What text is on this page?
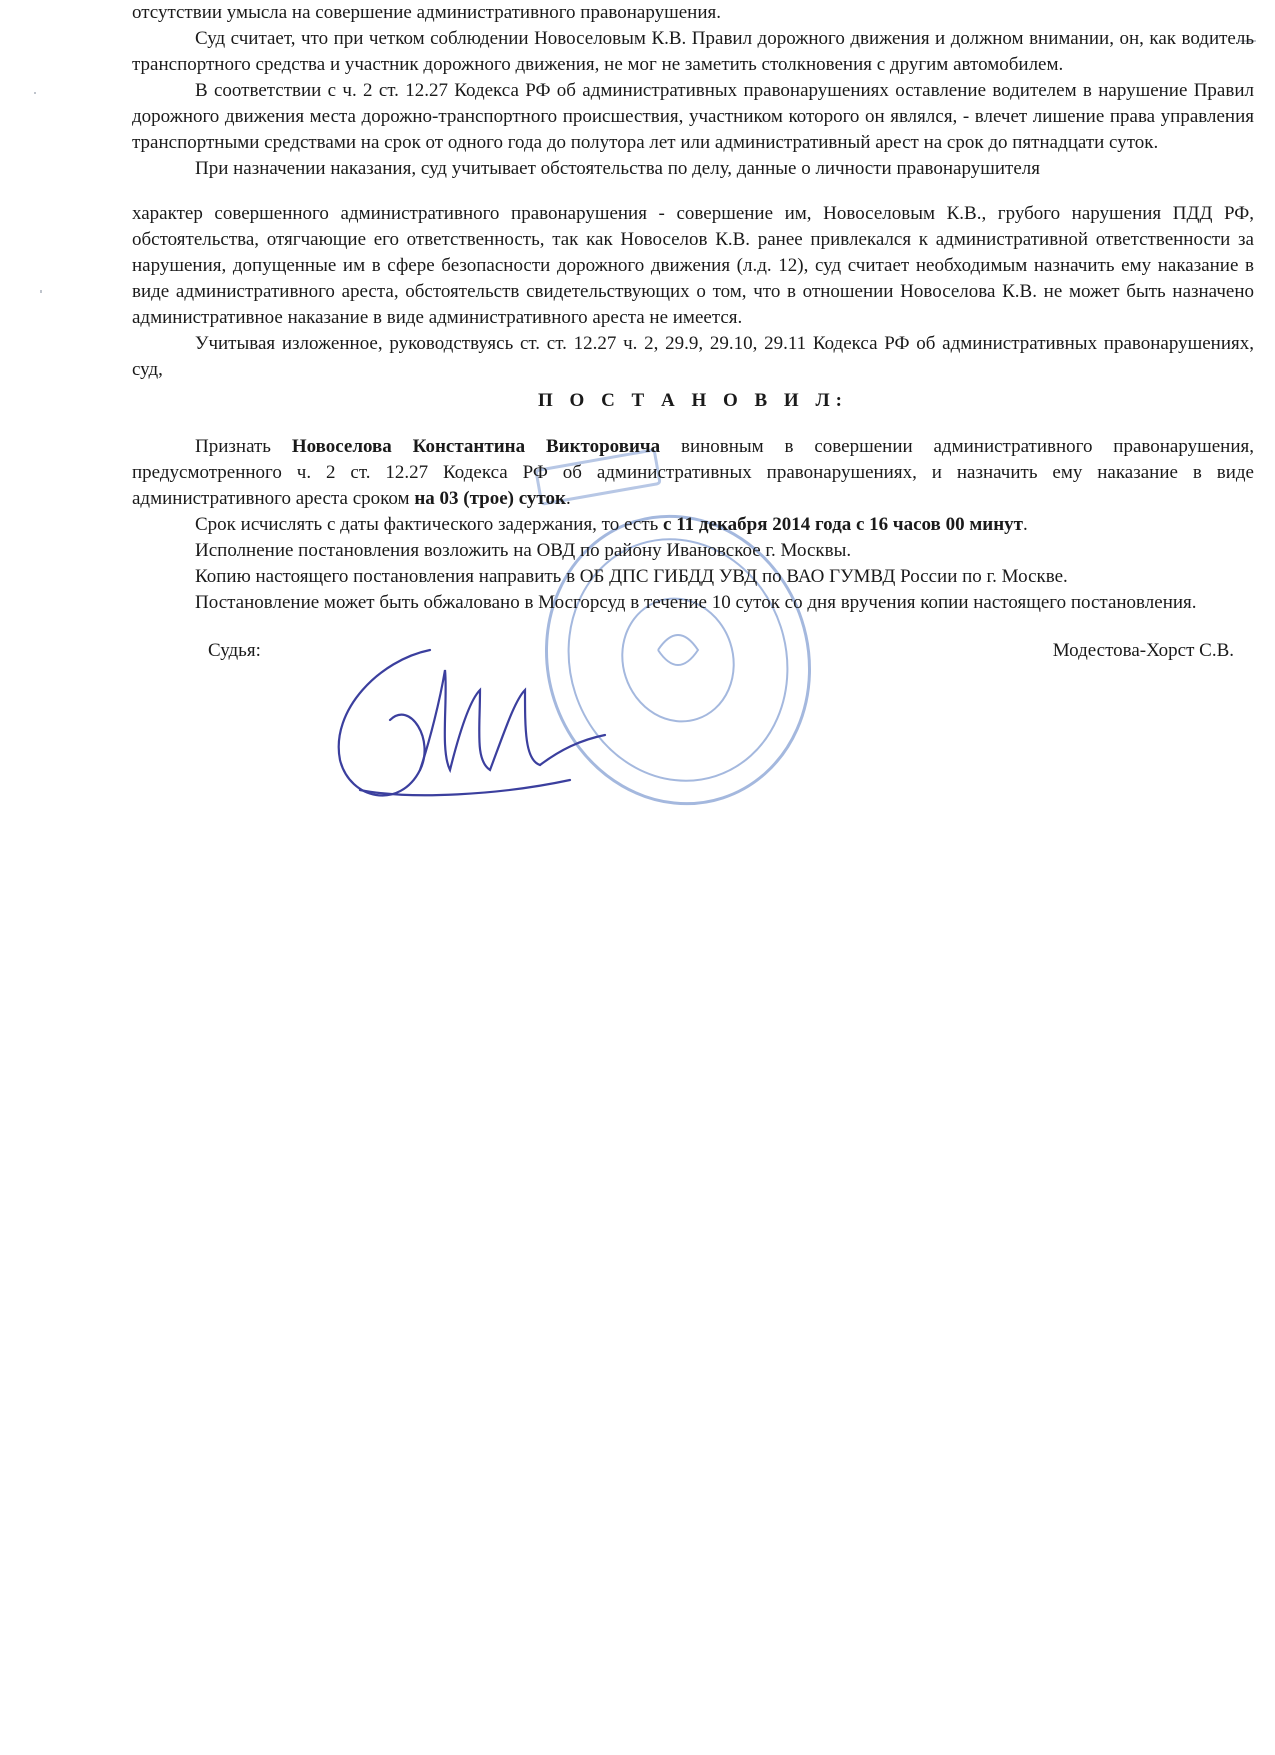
отсутствии умысла на совершение административного правонарушения.

Суд считает, что при четком соблюдении Новоселовым К.В. Правил дорожного движения и должном внимании, он, как водитель транспортного средства и участник дорожного движения, не мог не заметить столкновения с другим автомобилем.

В соответствии с ч. 2 ст. 12.27 Кодекса РФ об административных правонарушениях оставление водителем в нарушение Правил дорожного движения места дорожно-транспортного происшествия, участником которого он являлся, - влечет лишение права управления транспортными средствами на срок от одного года до полутора лет или административный арест на срок до пятнадцати суток.

При назначении наказания, суд учитывает обстоятельства по делу, данные о личности правонарушителя

характер совершенного административного правонарушения - совершение им, Новоселовым К.В., грубого нарушения ПДД РФ, обстоятельства, отягчающие его ответственность, так как Новоселов К.В. ранее привлекался к административной ответственности за нарушения, допущенные им в сфере безопасности дорожного движения (л.д. 12), суд считает необходимым назначить ему наказание в виде административного ареста, обстоятельств свидетельствующих о том, что в отношении Новоселова К.В. не может быть назначено административное наказание в виде административного ареста не имеется.

Учитывая изложенное, руководствуясь ст. ст. 12.27 ч. 2, 29.9, 29.10, 29.11 Кодекса РФ об административных правонарушениях, суд,

П О С Т А Н О В И Л:

Признать Новоселова Константина Викторовича виновным в совершении административного правонарушения, предусмотренного ч. 2 ст. 12.27 Кодекса РФ об административных правонарушениях, и назначить ему наказание в виде административного ареста сроком на 03 (трое) суток.

Срок исчислять с даты фактического задержания, то есть с 11 декабря 2014 года с 16 часов 00 минут.

Исполнение постановления возложить на ОВД по району Ивановское г. Москвы.

Копию настоящего постановления направить в ОБ ДПС ГИБДД УВД по ВАО ГУМВД России по г. Москве.

Постановление может быть обжаловано в Мосгорсуд в течение 10 суток со дня вручения копии настоящего постановления.

Судья:	Модестова-Хорст С.В.
